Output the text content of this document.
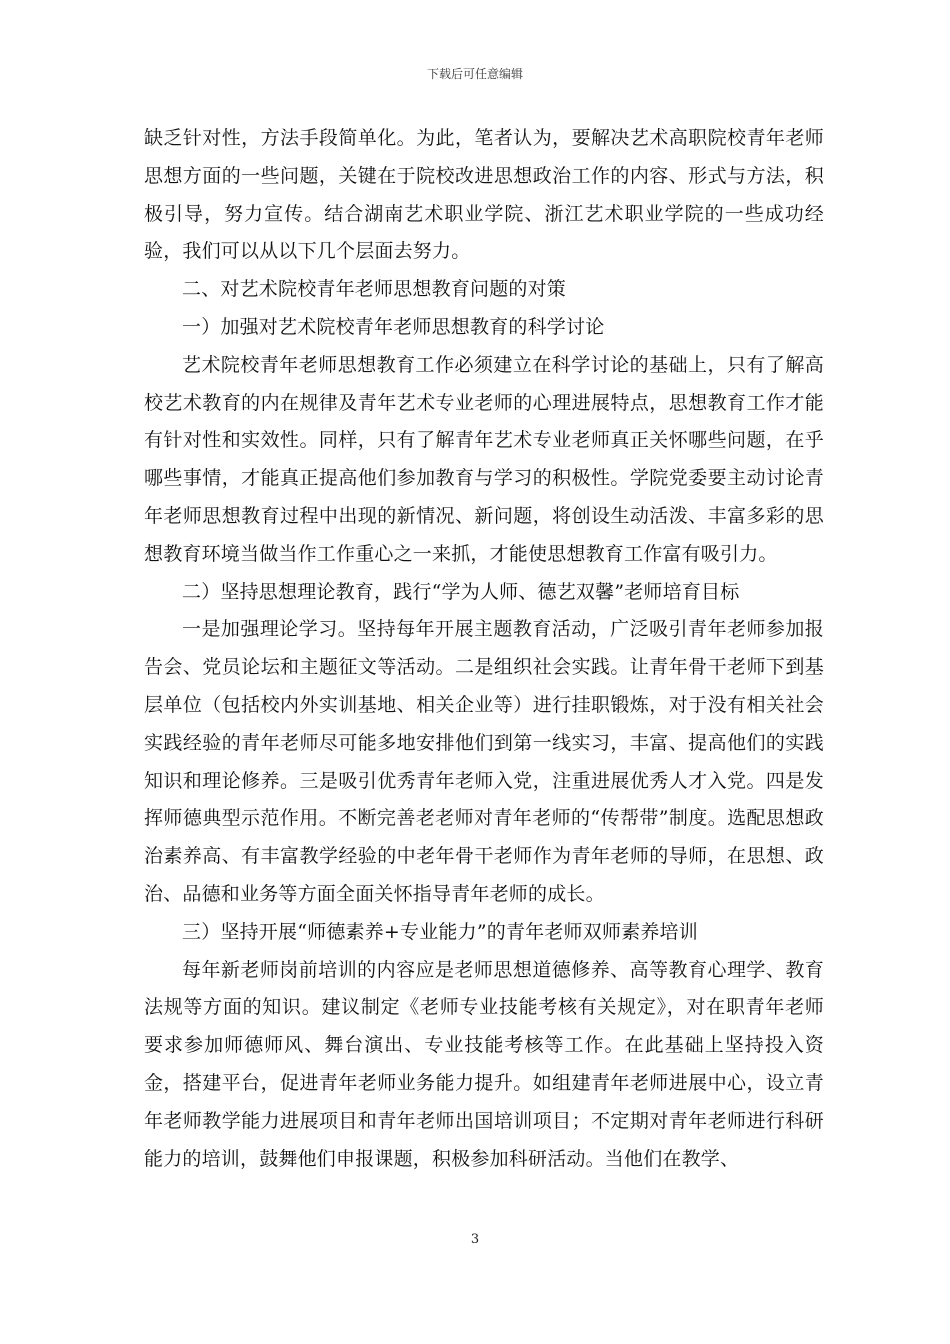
下载后可任意编辑

缺乏针对性，方法手段简单化。为此，笔者认为，要解决艺术高职院校青年老师思想方面的一些问题，关键在于院校改进思想政治工作的内容、形式与方法，积极引导，努力宣传。结合湖南艺术职业学院、浙江艺术职业学院的一些成功经验，我们可以从以下几个层面去努力。

二、对艺术院校青年老师思想教育问题的对策

一）加强对艺术院校青年老师思想教育的科学讨论

艺术院校青年老师思想教育工作必须建立在科学讨论的基础上，只有了解高校艺术教育的内在规律及青年艺术专业老师的心理进展特点，思想教育工作才能有针对性和实效性。同样，只有了解青年艺术专业老师真正关怀哪些问题，在乎哪些事情，才能真正提高他们参加教育与学习的积极性。学院党委要主动讨论青年老师思想教育过程中出现的新情况、新问题，将创设生动活泼、丰富多彩的思想教育环境当做当作工作重心之一来抓，才能使思想教育工作富有吸引力。

二）坚持思想理论教育，践行“学为人师、德艺双馨”老师培育目标

一是加强理论学习。坚持每年开展主题教育活动，广泛吸引青年老师参加报告会、党员论坛和主题征文等活动。二是组织社会实践。让青年骨干老师下到基层单位（包括校内外实训基地、相关企业等）进行挂职锻炼，对于没有相关社会实践经验的青年老师尽可能多地安排他们到第一线实习，丰富、提高他们的实践知识和理论修养。三是吸引优秀青年老师入党，注重进展优秀人才入党。四是发挥师德典型示范作用。不断完善老老师对青年老师的“传帮带”制度。选配思想政治素养高、有丰富教学经验的中老年骨干老师作为青年老师的导师，在思想、政治、品德和业务等方面全面关怀指导青年老师的成长。

三）坚持开展“师德素养+专业能力”的青年老师双师素养培训

每年新老师岗前培训的内容应是老师思想道德修养、高等教育心理学、教育法规等方面的知识。建议制定《老师专业技能考核有关规定》，对在职青年老师要求参加师德师风、舞台演出、专业技能考核等工作。在此基础上坚持投入资金，搭建平台，促进青年老师业务能力提升。如组建青年老师进展中心，设立青年老师教学能力进展项目和青年老师出国培训项目；不定期对青年老师进行科研能力的培训，鼓舞他们申报课题，积极参加科研活动。当他们在教学、

3
